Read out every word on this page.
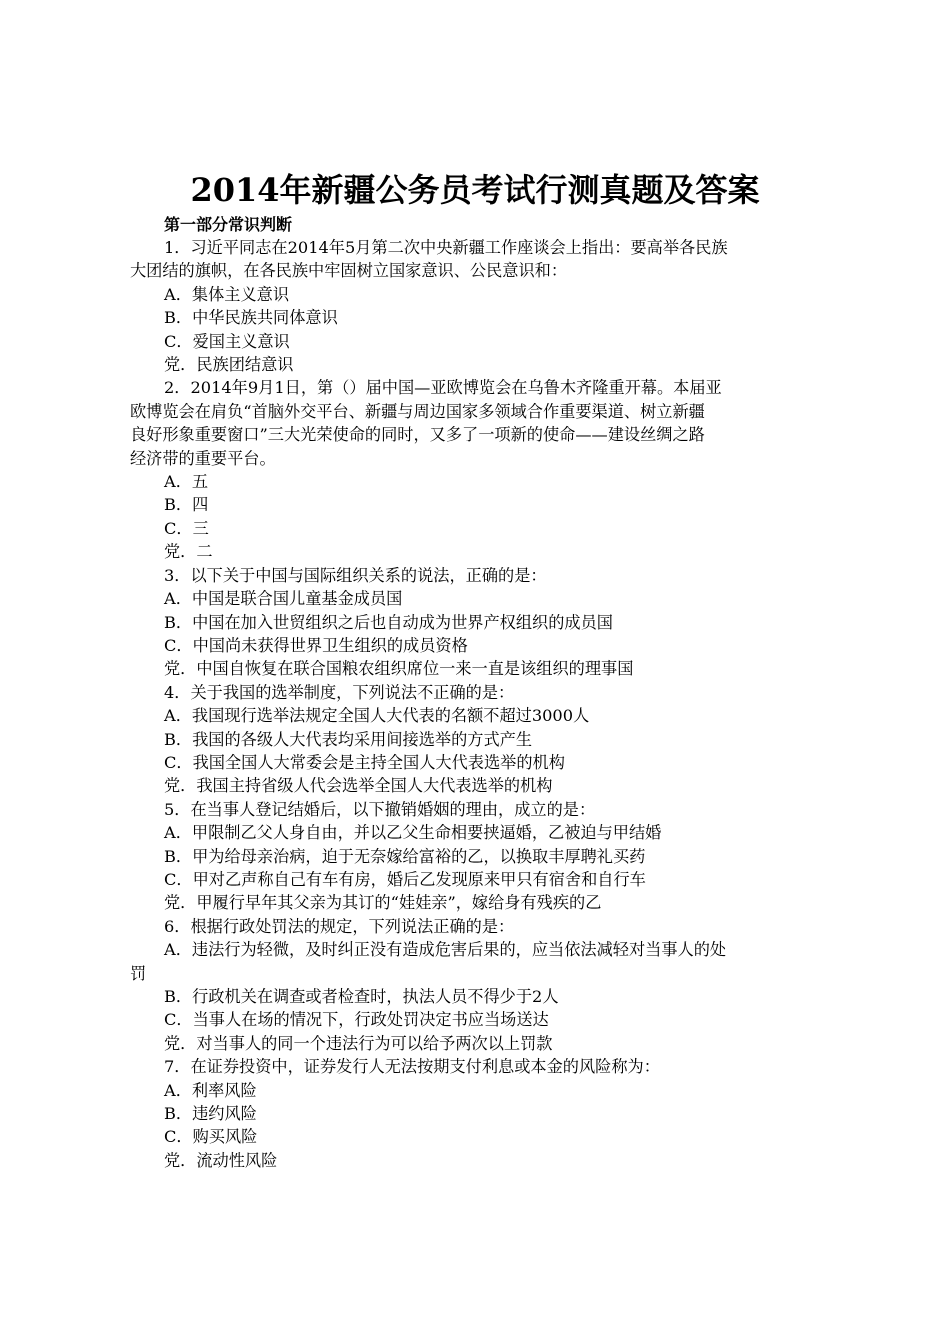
2014年新疆公务员考试行测真题及答案
第一部分常识判断
1．习近平同志在2014年5月第二次中央新疆工作座谈会上指出：要高举各民族
大团结的旗帜，在各民族中牢固树立国家意识、公民意识和：
A．集体主义意识
B．中华民族共同体意识
C．爱国主义意识
党．民族团结意识
2．2014年9月1日，第（）届中国—亚欧博览会在乌鲁木齐隆重开幕。本届亚
欧博览会在肩负“首脑外交平台、新疆与周边国家多领域合作重要渠道、树立新疆
良好形象重要窗口”三大光荣使命的同时，又多了一项新的使命——建设丝绸之路
经济带的重要平台。
A．五
B．四
C．三
党．二
3．以下关于中国与国际组织关系的说法，正确的是：
A．中国是联合国儿童基金成员国
B．中国在加入世贸组织之后也自动成为世界产权组织的成员国
C．中国尚未获得世界卫生组织的成员资格
党．中国自恢复在联合国粮农组织席位一来一直是该组织的理事国
4．关于我国的选举制度，下列说法不正确的是：
A．我国现行选举法规定全国人大代表的名额不超过3000人
B．我国的各级人大代表均采用间接选举的方式产生
C．我国全国人大常委会是主持全国人大代表选举的机构
党．我国主持省级人代会选举全国人大代表选举的机构
5．在当事人登记结婚后，以下撤销婚姻的理由，成立的是：
A．甲限制乙父人身自由，并以乙父生命相要挟逼婚，乙被迫与甲结婚
B．甲为给母亲治病，迫于无奈嫁给富裕的乙，以换取丰厚聘礼买药
C．甲对乙声称自己有车有房，婚后乙发现原来甲只有宿舍和自行车
党．甲履行早年其父亲为其订的“娃娃亲”，嫁给身有残疾的乙
6．根据行政处罚法的规定，下列说法正确的是：
A．违法行为轻微，及时纠正没有造成危害后果的，应当依法减轻对当事人的处
罚
B．行政机关在调查或者检查时，执法人员不得少于2人
C．当事人在场的情况下，行政处罚决定书应当场送达
党．对当事人的同一个违法行为可以给予两次以上罚款
7．在证券投资中，证券发行人无法按期支付利息或本金的风险称为：
A．利率风险
B．违约风险
C．购买风险
党．流动性风险
